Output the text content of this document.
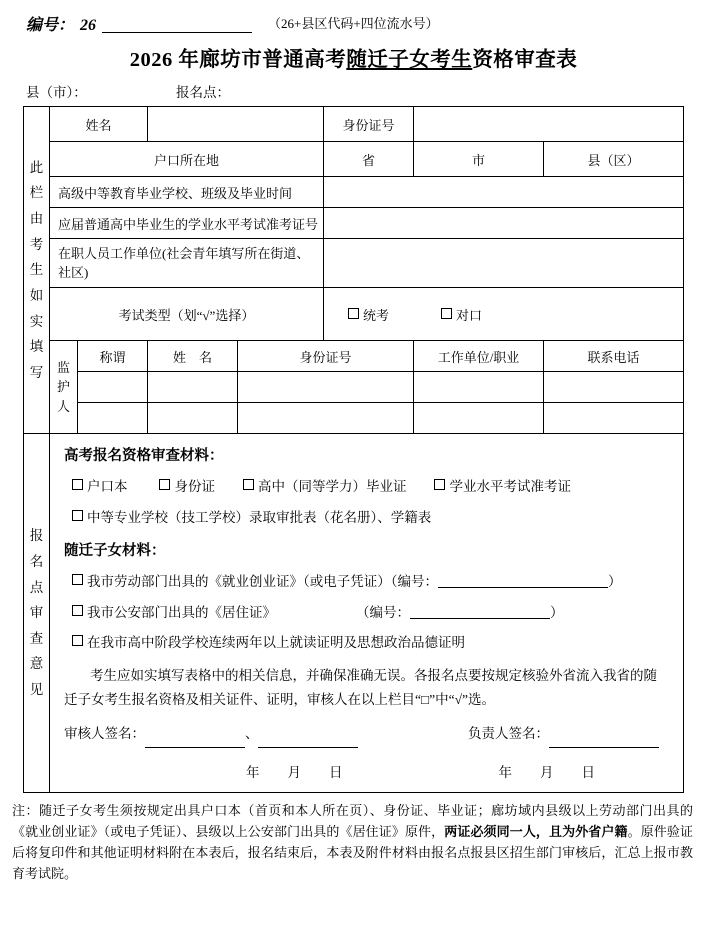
编号： 26	（26+县区代码+四位流水号）
2026 年廊坊市普通高考随迁子女考生资格审查表
县（市）：	报名点：
此
栏
由
考
生
如
实
填
写
	姓名		身份证号	
	户口所在地				省	市	县（区）
	高级中等教育毕业学校、班级及毕业时间						
	应届普通高中毕业生的学业水平考试准考证号						
	在职人员工作单位(社会青年填写所在街道、社区)						
	考试类型（划“√”选择）				统考 对口		

	监
护
人	称谓	姓　名	身份证号		工作单位/职业	联系电话

报
名
点
审
查
意
见

高考报名资格审查材料：
户口本	身份证	高中（同等学力）毕业证	学业水平考试准考证
中等专业学校（技工学校）录取审批表（花名册）、学籍表
随迁子女材料：
我市劳动部门出具的《就业创业证》（或电子凭证）（编号：	）
我市公安部门出具的《居住证》	（编号：	）
在我市高中阶段学校连续两年以上就读证明及思想政治品德证明
考生应如实填写表格中的相关信息，并确保准确无误。各报名点要按规定核验外省流入我省的随迁子女考生报名资格及相关证件、证明，审核人在以上栏目“□”中“√”选。
审核人签名：	、	负责人签名：
年 月 日	年 月 日
注：随迁子女考生须按规定出具户口本（首页和本人所在页）、身份证、毕业证；廊坊域内县级以上劳动部门出具的《就业创业证》（或电子凭证）、县级以上公安部门出具的《居住证》原件，两证必须同一人，且为外省户籍。原件验证后将复印件和其他证明材料附在本表后，报名结束后，本表及附件材料由报名点报县区招生部门审核后，汇总上报市教育考试院。
